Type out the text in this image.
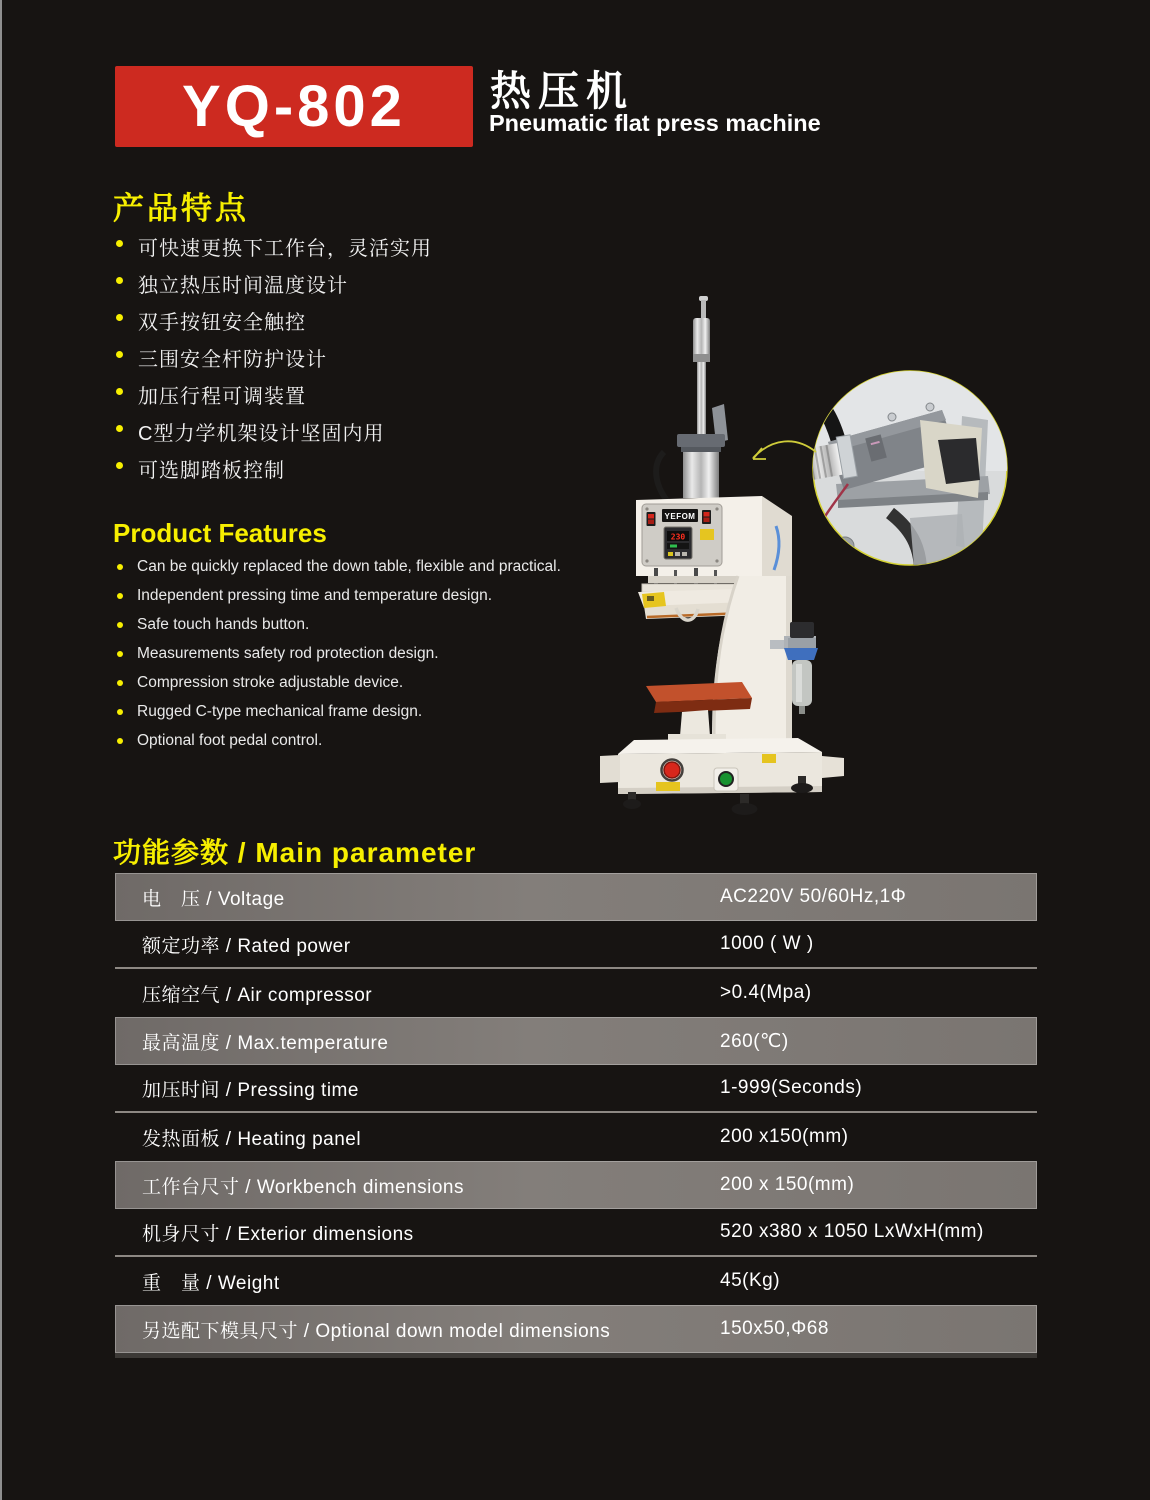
YQ-802 热压机
Pneumatic flat press machine
产品特点
可快速更换下工作台，灵活实用
独立热压时间温度设计
双手按钮安全触控
三围安全杆防护设计
加压行程可调装置
C型力学机架设计坚固内用
可选脚踏板控制
Product Features
Can be quickly replaced the down table, flexible and practical.
Independent pressing time and temperature design.
Safe touch hands button.
Measurements safety rod protection design.
Compression stroke adjustable device.
Rugged C-type mechanical frame design.
Optional foot pedal control.
YEFOM
230
功能参数 / Main parameter
电　压 / Voltage	AC220V 50/60Hz,1Φ
额定功率 / Rated power	1000 ( W )
压缩空气 / Air compressor	>0.4(Mpa)
最高温度 / Max.temperature	260(℃)
加压时间 / Pressing time	1-999(Seconds)
发热面板 / Heating panel	200 x150(mm)
工作台尺寸 / Workbench dimensions	200 x 150(mm)
机身尺寸 / Exterior dimensions	520 x380 x 1050 LxWxH(mm)
重　量 / Weight	45(Kg)
另选配下模具尺寸 / Optional down model dimensions	150x50,Φ68
